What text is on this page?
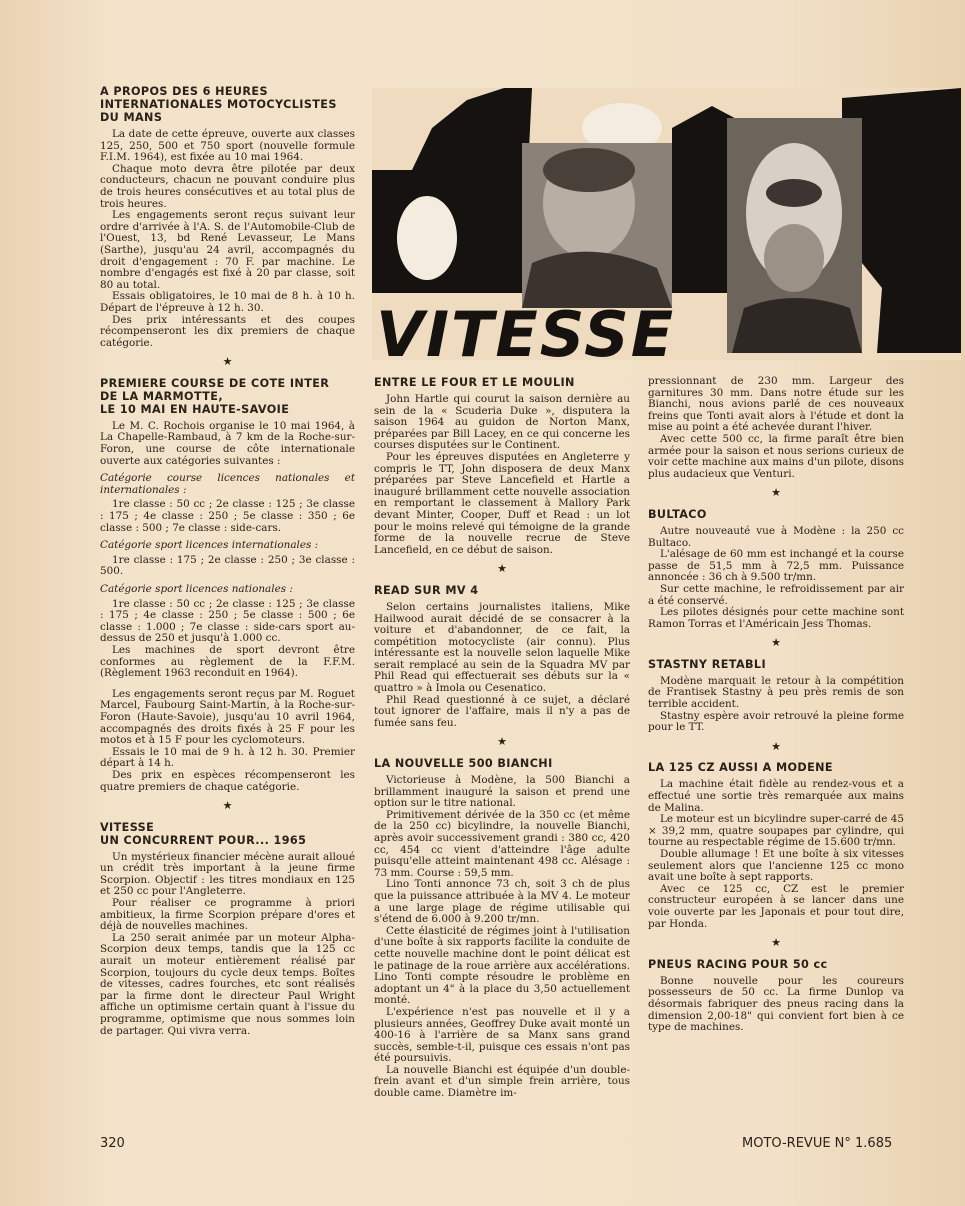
VITESSE
A PROPOS DES 6 HEURES
INTERNATIONALES MOTOCYCLISTES
DU MANS

La date de cette épreuve, ouverte aux classes 125, 250, 500 et 750 sport (nouvelle formule F.I.M. 1964), est fixée au 10 mai 1964.

Chaque moto devra être pilotée par deux conducteurs, chacun ne pouvant conduire plus de trois heures consécutives et au total plus de trois heures.

Les engagements seront reçus suivant leur ordre d'arrivée à l'A. S. de l'Automobile-Club de l'Ouest, 13, bd René Levasseur, Le Mans (Sarthe), jusqu'au 24 avril, accompagnés du droit d'engagement : 70 F. par machine. Le nombre d'engagés est fixé à 20 par classe, soit 80 au total.

Essais obligatoires, le 10 mai de 8 h. à 10 h. Départ de l'épreuve à 12 h. 30.

Des prix intéressants et des coupes récompenseront les dix premiers de chaque catégorie.

★
PREMIERE COURSE DE COTE INTER
DE LA MARMOTTE,
LE 10 MAI EN HAUTE-SAVOIE

Le M. C. Rochois organise le 10 mai 1964, à La Chapelle-Rambaud, à 7 km de la Roche-sur-Foron, une course de côte internationale ouverte aux catégories suivantes :

Catégorie course licences nationales et internationales :

1re classe : 50 cc ; 2e classe : 125 ; 3e classe : 175 ; 4e classe : 250 ; 5e classe : 350 ; 6e classe : 500 ; 7e classe : side-cars.

Catégorie sport licences internationales :

1re classe : 175 ; 2e classe : 250 ; 3e classe : 500.

Catégorie sport licences nationales :

1re classe : 50 cc ; 2e classe : 125 ; 3e classe : 175 ; 4e classe : 250 ; 5e classe : 500 ; 6e classe : 1.000 ; 7e classe : side-cars sport au-dessus de 250 et jusqu'à 1.000 cc.

Les machines de sport devront être conformes au règlement de la F.F.M. (Règlement 1963 reconduit en 1964).

Les engagements seront reçus par M. Roguet Marcel, Faubourg Saint-Martin, à la Roche-sur-Foron (Haute-Savoie), jusqu'au 10 avril 1964, accompagnés des droits fixés à 25 F pour les motos et à 15 F pour les cyclomoteurs.

Essais le 10 mai de 9 h. à 12 h. 30. Premier départ à 14 h.

Des prix en espèces récompenseront les quatre premiers de chaque catégorie.

★
VITESSE
UN CONCURRENT POUR... 1965

Un mystérieux financier mécène aurait alloué un crédit très important à la jeune firme Scorpion. Objectif : les titres mondiaux en 125 et 250 cc pour l'Angleterre.

Pour réaliser ce programme à priori ambitieux, la firme Scorpion prépare d'ores et déjà de nouvelles machines.

La 250 serait animée par un moteur Alpha-Scorpion deux temps, tandis que la 125 cc aurait un moteur entièrement réalisé par Scorpion, toujours du cycle deux temps. Boîtes de vitesses, cadres fourches, etc sont réalisés par la firme dont le directeur Paul Wright affiche un optimisme certain quant à l'issue du programme, optimisme que nous sommes loin de partager. Qui vivra verra.

ENTRE LE FOUR ET LE MOULIN

John Hartle qui courut la saison dernière au sein de la « Scuderia Duke », disputera la saison 1964 au guidon de Norton Manx, préparées par Bill Lacey, en ce qui concerne les courses disputées sur le Continent.

Pour les épreuves disputées en Angleterre y compris le TT, John disposera de deux Manx préparées par Steve Lancefield et Hartle a inauguré brillamment cette nouvelle association en remportant le classement à Mallory Park devant Minter, Cooper, Duff et Read : un lot pour le moins relevé qui témoigne de la grande forme de la nouvelle recrue de Steve Lancefield, en ce début de saison.

★
READ SUR MV 4

Selon certains journalistes italiens, Mike Hailwood aurait décidé de se consacrer à la voiture et d'abandonner, de ce fait, la compétition motocycliste (air connu). Plus intéressante est la nouvelle selon laquelle Mike serait remplacé au sein de la Squadra MV par Phil Read qui effectuerait ses débuts sur la « quattro » à Imola ou Cesenatico.

Phil Read questionné à ce sujet, a déclaré tout ignorer de l'affaire, mais il n'y a pas de fumée sans feu.

★
LA NOUVELLE 500 BIANCHI

Victorieuse à Modène, la 500 Bianchi a brillamment inauguré la saison et prend une option sur le titre national.

Primitivement dérivée de la 350 cc (et même de la 250 cc) bicylindre, la nouvelle Bianchi, après avoir successivement grandi : 380 cc, 420 cc, 454 cc vient d'atteindre l'âge adulte puisqu'elle atteint maintenant 498 cc. Alésage : 73 mm. Course : 59,5 mm.

Lino Tonti annonce 73 ch, soit 3 ch de plus que la puissance attribuée à la MV 4. Le moteur a une large plage de régime utilisable qui s'étend de 6.000 à 9.200 tr/mn.

Cette élasticité de régimes joint à l'utilisation d'une boîte à six rapports facilite la conduite de cette nouvelle machine dont le point délicat est le patinage de la roue arrière aux accélérations. Lino Tonti compte résoudre le problème en adoptant un 4" à la place du 3,50 actuellement monté.

L'expérience n'est pas nouvelle et il y a plusieurs années, Geoffrey Duke avait monté un 400-16 à l'arrière de sa Manx sans grand succès, semble-t-il, puisque ces essais n'ont pas été poursuivis.

La nouvelle Bianchi est équipée d'un double-frein avant et d'un simple frein arrière, tous double came. Diamètre im-

pressionnant de 230 mm. Largeur des garnitures 30 mm. Dans notre étude sur les Bianchi, nous avions parlé de ces nouveaux freins que Tonti avait alors à l'étude et dont la mise au point a été achevée durant l'hiver.

Avec cette 500 cc, la firme paraît être bien armée pour la saison et nous serions curieux de voir cette machine aux mains d'un pilote, disons plus audacieux que Venturi.

★
BULTACO

Autre nouveauté vue à Modène : la 250 cc Bultaco.

L'alésage de 60 mm est inchangé et la course passe de 51,5 mm à 72,5 mm. Puissance annoncée : 36 ch à 9.500 tr/mn.

Sur cette machine, le refroidissement par air a été conservé.

Les pilotes désignés pour cette machine sont Ramon Torras et l'Américain Jess Thomas.

★
STASTNY RETABLI

Modène marquait le retour à la compétition de Frantisek Stastny à peu près remis de son terrible accident.

Stastny espère avoir retrouvé la pleine forme pour le TT.

★
LA 125 CZ AUSSI A MODENE

La machine était fidèle au rendez-vous et a effectué une sortie très remarquée aux mains de Malina.

Le moteur est un bicylindre super-carré de 45 × 39,2 mm, quatre soupapes par cylindre, qui tourne au respectable régime de 15.600 tr/mn.

Double allumage ! Et une boîte à six vitesses seulement alors que l'ancienne 125 cc mono avait une boîte à sept rapports.

Avec ce 125 cc, CZ est le premier constructeur européen à se lancer dans une voie ouverte par les Japonais et pour tout dire, par Honda.

★
PNEUS RACING POUR 50 cc

Bonne nouvelle pour les coureurs possesseurs de 50 cc. La firme Dunlop va désormais fabriquer des pneus racing dans la dimension 2,00-18" qui convient fort bien à ce type de machines.

320	MOTO-REVUE N° 1.685
